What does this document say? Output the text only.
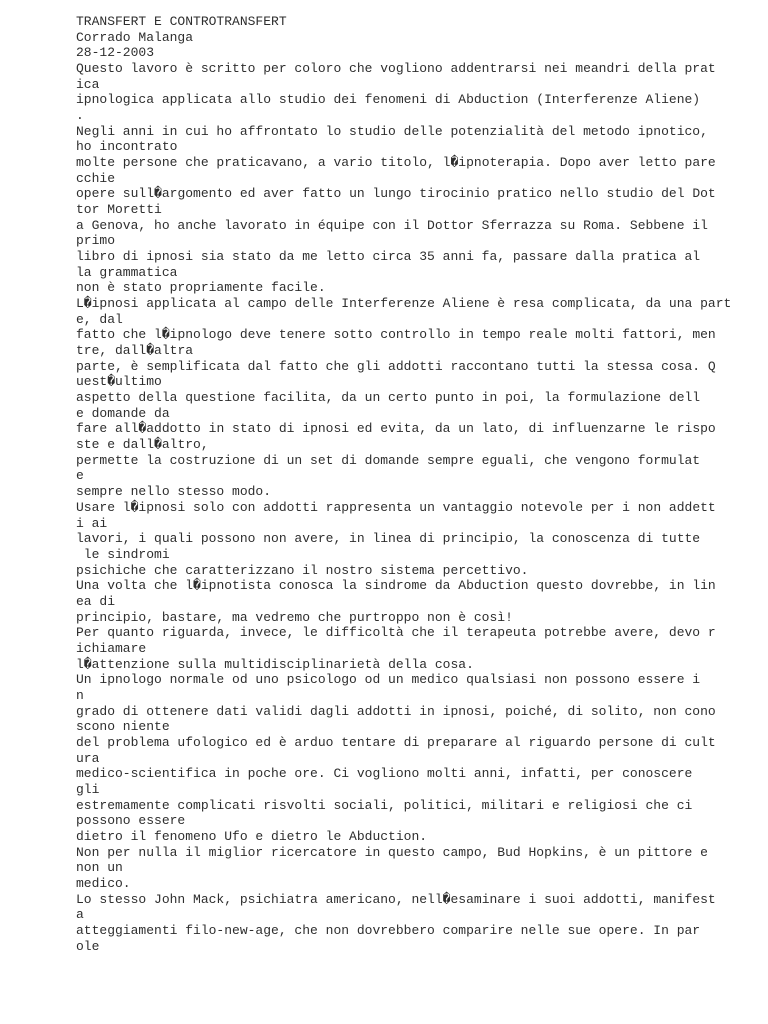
TRANSFERT E CONTROTRANSFERT
Corrado Malanga
28-12-2003
Questo lavoro è scritto per coloro che vogliono addentrarsi nei meandri della prat
ica
ipnologica applicata allo studio dei fenomeni di Abduction (Interferenze Aliene)
.
Negli anni in cui ho affrontato lo studio delle potenzialità del metodo ipnotico,
ho incontrato
molte persone che praticavano, a vario titolo, l�ipnoterapia. Dopo aver letto pare
cchie
opere sull�argomento ed aver fatto un lungo tirocinio pratico nello studio del Dot
tor Moretti
a Genova, ho anche lavorato in équipe con il Dottor Sferrazza su Roma. Sebbene il
primo
libro di ipnosi sia stato da me letto circa 35 anni fa, passare dalla pratica al
la grammatica
non è stato propriamente facile.
L�ipnosi applicata al campo delle Interferenze Aliene è resa complicata, da una part
e, dal
fatto che l�ipnologo deve tenere sotto controllo in tempo reale molti fattori, men
tre, dall�altra
parte, è semplificata dal fatto che gli addotti raccontano tutti la stessa cosa. Q
uest�ultimo
aspetto della questione facilita, da un certo punto in poi, la formulazione dell
e domande da
fare all�addotto in stato di ipnosi ed evita, da un lato, di influenzarne le rispo
ste e dall�altro,
permette la costruzione di un set di domande sempre eguali, che vengono formulat
e
sempre nello stesso modo.
Usare l�ipnosi solo con addotti rappresenta un vantaggio notevole per i non addett
i ai
lavori, i quali possono non avere, in linea di principio, la conoscenza di tutte
le sindromi
psichiche che caratterizzano il nostro sistema percettivo.
Una volta che l�ipnotista conosca la sindrome da Abduction questo dovrebbe, in lin
ea di
principio, bastare, ma vedremo che purtroppo non è così!
Per quanto riguarda, invece, le difficoltà che il terapeuta potrebbe avere, devo r
ichiamare
l�attenzione sulla multidisciplinarietà della cosa.
Un ipnologo normale od uno psicologo od un medico qualsiasi non possono essere i
n
grado di ottenere dati validi dagli addotti in ipnosi, poiché, di solito, non cono
scono niente
del problema ufologico ed è arduo tentare di preparare al riguardo persone di cult
ura
medico-scientifica in poche ore. Ci vogliono molti anni, infatti, per conoscere
gli
estremamente complicati risvolti sociali, politici, militari e religiosi che ci
possono essere
dietro il fenomeno Ufo e dietro le Abduction.
Non per nulla il miglior ricercatore in questo campo, Bud Hopkins, è un pittore e
non un
medico.
Lo stesso John Mack, psichiatra americano, nell�esaminare i suoi addotti, manifest
a
atteggiamenti filo-new-age, che non dovrebbero comparire nelle sue opere. In par
ole
